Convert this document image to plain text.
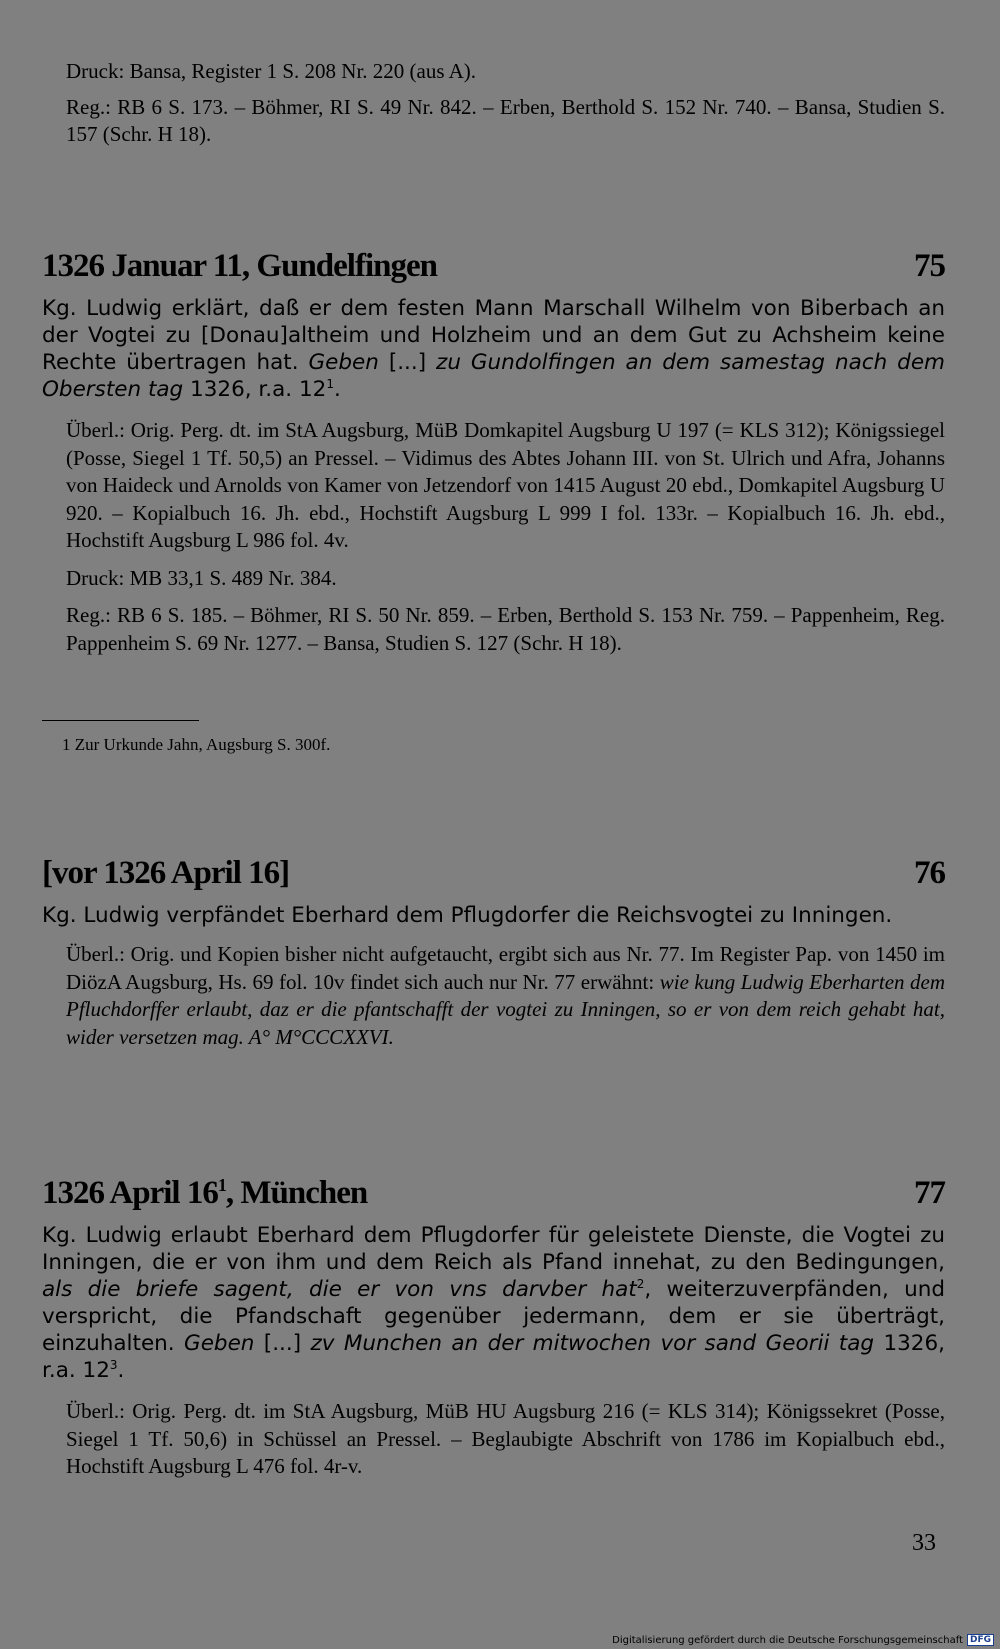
Druck: Bansa, Register 1 S. 208 Nr. 220 (aus A).

Reg.: RB 6 S. 173. – Böhmer, RI S. 49 Nr. 842. – Erben, Berthold S. 152 Nr. 740. – Bansa, Studien S. 157 (Schr. H 18).

1326 Januar 11, Gundelfingen	75

Kg. Ludwig erklärt, daß er dem festen Mann Marschall Wilhelm von Biberbach an der Vogtei zu [Donau]altheim und Holzheim und an dem Gut zu Achsheim keine Rechte übertragen hat. Geben [...] zu Gundolfingen an dem samestag nach dem Obersten tag 1326, r.a. $12^1$.

Überl.: Orig. Perg. dt. im StA Augsburg, MüB Domkapitel Augsburg U 197 (= KLS 312); Königssiegel (Posse, Siegel 1 Tf. 50,5) an Pressel. – Vidimus des Abtes Johann III. von St. Ulrich und Afra, Johanns von Haideck und Arnolds von Kamer von Jetzendorf von 1415 August 20 ebd., Domkapitel Augsburg U 920. – Kopialbuch 16. Jh. ebd., Hochstift Augsburg L 999 I fol. 133r. – Kopialbuch 16. Jh. ebd., Hochstift Augsburg L 986 fol. 4v.

Druck: MB 33,1 S. 489 Nr. 384.

Reg.: RB 6 S. 185. – Böhmer, RI S. 50 Nr. 859. – Erben, Berthold S. 153 Nr. 759. – Pappenheim, Reg. Pappenheim S. 69 Nr. 1277. – Bansa, Studien S. 127 (Schr. H 18).

1 Zur Urkunde Jahn, Augsburg S. 300f.

[vor 1326 April 16]	76

Kg. Ludwig verpfändet Eberhard dem Pflugdorfer die Reichsvogtei zu Inningen.

Überl.: Orig. und Kopien bisher nicht aufgetaucht, ergibt sich aus Nr. 77. Im Register Pap. von 1450 im DiözA Augsburg, Hs. 69 fol. 10v findet sich auch nur Nr. 77 erwähnt: wie kung Ludwig Eberharten dem Pfluchdorffer erlaubt, daz er die pfantschafft der vogtei zu Inningen, so er von dem reich gehabt hat, wider versetzen mag. A° M°CCCXXVI.

1326 April $16^1$, München	77

Kg. Ludwig erlaubt Eberhard dem Pflugdorfer für geleistete Dienste, die Vogtei zu Inningen, die er von ihm und dem Reich als Pfand innehat, zu den Bedingungen, als die briefe sagent, die er von vns darvber hat$^2$, weiterzuverpfänden, und verspricht, die Pfandschaft gegenüber jedermann, dem er sie überträgt, einzuhalten. Geben [...] zv Munchen an der mitwochen vor sand Georii tag 1326, r.a. $12^3$.

Überl.: Orig. Perg. dt. im StA Augsburg, MüB HU Augsburg 216 (= KLS 314); Königssekret (Posse, Siegel 1 Tf. 50,6) in Schüssel an Pressel. – Beglaubigte Abschrift von 1786 im Kopialbuch ebd., Hochstift Augsburg L 476 fol. 4r-v.

33
Digitalisierung gefördert durch die Deutsche Forschungsgemeinschaft DFG
